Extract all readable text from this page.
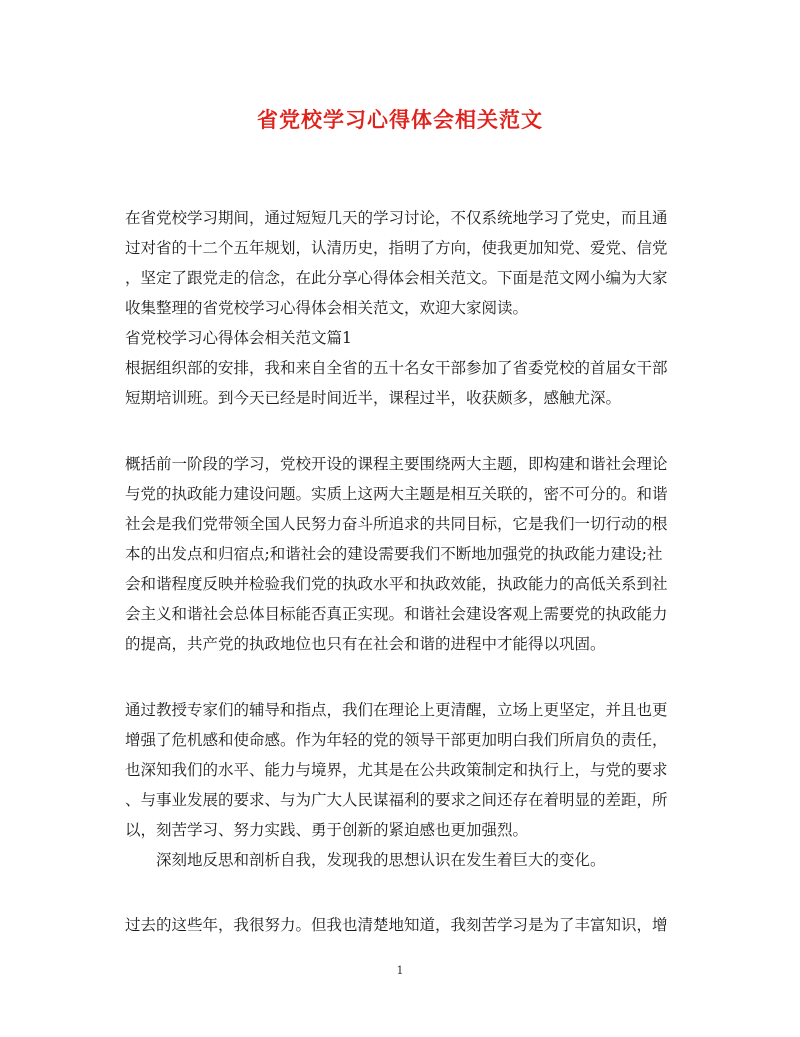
省党校学习心得体会相关范文

在省党校学习期间，通过短短几天的学习讨论，不仅系统地学习了党史，而且通

过对省的十二个五年规划，认清历史，指明了方向，使我更加知党、爱党、信党

，坚定了跟党走的信念，在此分享心得体会相关范文。下面是范文网小编为大家

收集整理的省党校学习心得体会相关范文，欢迎大家阅读。

省党校学习心得体会相关范文篇1

根据组织部的安排，我和来自全省的五十名女干部参加了省委党校的首届女干部

短期培训班。到今天已经是时间近半，课程过半，收获颇多，感触尤深。

概括前一阶段的学习，党校开设的课程主要围绕两大主题，即构建和谐社会理论

与党的执政能力建设问题。实质上这两大主题是相互关联的，密不可分的。和谐

社会是我们党带领全国人民努力奋斗所追求的共同目标，它是我们一切行动的根

本的出发点和归宿点;和谐社会的建设需要我们不断地加强党的执政能力建设;社

会和谐程度反映并检验我们党的执政水平和执政效能，执政能力的高低关系到社

会主义和谐社会总体目标能否真正实现。和谐社会建设客观上需要党的执政能力

的提高，共产党的执政地位也只有在社会和谐的进程中才能得以巩固。

通过教授专家们的辅导和指点，我们在理论上更清醒，立场上更坚定，并且也更

增强了危机感和使命感。作为年轻的党的领导干部更加明白我们所肩负的责任，

也深知我们的水平、能力与境界，尤其是在公共政策制定和执行上，与党的要求

、与事业发展的要求、与为广大人民谋福利的要求之间还存在着明显的差距，所

以，刻苦学习、努力实践、勇于创新的紧迫感也更加强烈。

深刻地反思和剖析自我，发现我的思想认识在发生着巨大的变化。

过去的这些年，我很努力。但我也清楚地知道，我刻苦学习是为了丰富知识，增

1
